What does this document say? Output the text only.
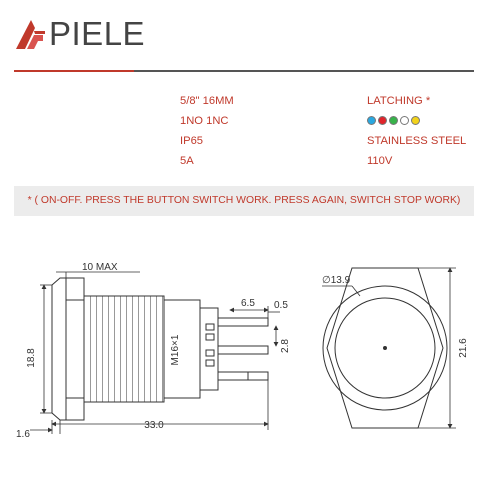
PIELE
5/8" 16MM
1NO 1NC
IP65
5A
LATCHING *
STAINLESS STEEL
110V
* ( ON-OFF. PRESS THE BUTTON SWITCH WORK. PRESS AGAIN, SWITCH STOP WORK)
10 MAX
18.8	M16×1
6.5 0.5
2.8
1.6
33.0
∅13.9
21.6
